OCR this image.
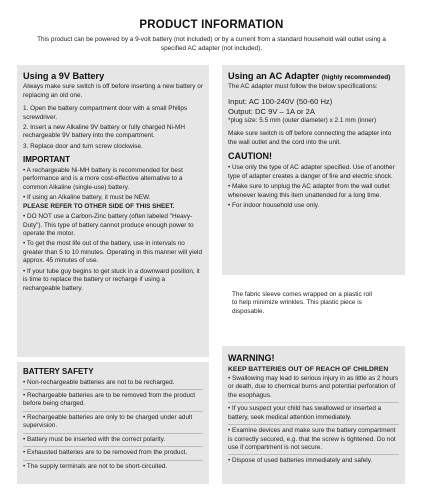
PRODUCT INFORMATION

This product can be powered by a 9-volt battery (not included) or by a current from a standard household wall outlet using a specified AC adapter (not included).

Using a 9V Battery

Always make sure switch is off before inserting a new battery or replacing an old one.

1. Open the battery compartment door with a small Philips screwdriver.

2. Insert a new Alkaline 9V battery or fully charged Ni-MH rechargeable 9V battery into the compartment.

3. Replace door and turn screw clockwise.

IMPORTANT

• A rechargeable Ni-MH battery is recommended for best performance and is a more cost-effective alternative to a common Alkaline (single-use) battery.

• If using an Alkaline battery, it must be NEW.

PLEASE REFER TO OTHER SIDE OF THIS SHEET.

• DO NOT use a Carbon-Zinc battery (often labeled "Heavy-Duty"). This type of battery cannot produce enough power to operate the motor.

• To get the most life out of the battery, use in intervals no greater than 5 to 10 minutes. Operating in this manner will yield approx. 45 minutes of use.

• If your tube guy begins to get stuck in a downward position, it is time to replace the battery or recharge if using a rechargeable battery.

Using an AC Adapter (highly recommended)

The AC adapter must follow the below specifications:

Input: AC 100-240V (50-60 Hz)

Output: DC 9V – 1A or 2A

*plug size: 5.5 mm (outer diameter) x 2.1 mm (inner)

Make sure switch is off before connecting the adapter into the wall outlet and the cord into the unit.

CAUTION!

• Use only the type of AC adapter specified. Use of another type of adapter creates a danger of fire and electric shock.

• Make sure to unplug the AC adapter from the wall outlet whenever leaving this item unattended for a long time.

• For indoor household use only.

The fabric sleeve comes wrapped on a plastic roll to help minimize wrinkles. This plastic piece is disposable.

BATTERY SAFETY

• Non-rechargeable batteries are not to be recharged.

• Rechargeable batteries are to be removed from the product before being charged.

• Rechargeable batteries are only to be charged under adult supervision.

• Battery must be inserted with the correct polarity.

• Exhausted batteries are to be removed from the product.

• The supply terminals are not to be short-circuited.

WARNING!

KEEP BATTERIES OUT OF REACH OF CHILDREN

• Swallowing may lead to serious injury in as little as 2 hours or death, due to chemical burns and potential perforation of the esophagus.

• If you suspect your child has swallowed or inserted a battery, seek medical attention immediately.

• Examine devices and make sure the battery compartment is correctly secured, e.g. that the screw is tightened. Do not use if compartment is not secure.

• Dispose of used batteries immediately and safely.
